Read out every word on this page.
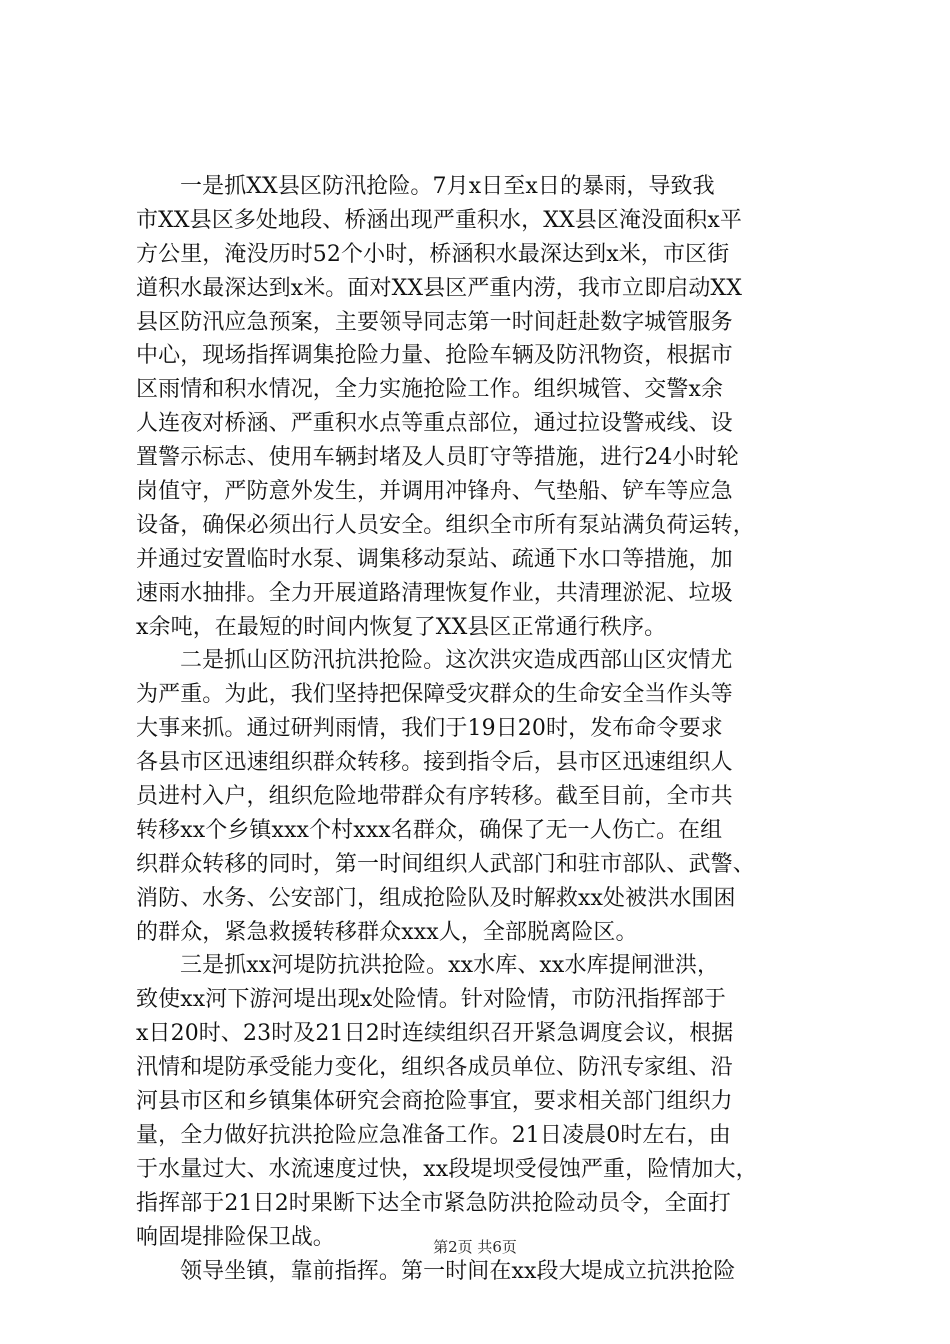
一是抓XX县区防汛抢险。7月x日至x日的暴雨，导致我
市XX县区多处地段、桥涵出现严重积水，XX县区淹没面积x平
方公里，淹没历时52个小时，桥涵积水最深达到x米，市区街
道积水最深达到x米。面对XX县区严重内涝，我市立即启动XX
县区防汛应急预案，主要领导同志第一时间赶赴数字城管服务
中心，现场指挥调集抢险力量、抢险车辆及防汛物资，根据市
区雨情和积水情况，全力实施抢险工作。组织城管、交警x余
人连夜对桥涵、严重积水点等重点部位，通过拉设警戒线、设
置警示标志、使用车辆封堵及人员盯守等措施，进行24小时轮
岗值守，严防意外发生，并调用冲锋舟、气垫船、铲车等应急
设备，确保必须出行人员安全。组织全市所有泵站满负荷运转，
并通过安置临时水泵、调集移动泵站、疏通下水口等措施，加
速雨水抽排。全力开展道路清理恢复作业，共清理淤泥、垃圾
x余吨，在最短的时间内恢复了XX县区正常通行秩序。
二是抓山区防汛抗洪抢险。这次洪灾造成西部山区灾情尤
为严重。为此，我们坚持把保障受灾群众的生命安全当作头等
大事来抓。通过研判雨情，我们于19日20时，发布命令要求
各县市区迅速组织群众转移。接到指令后，县市区迅速组织人
员进村入户，组织危险地带群众有序转移。截至目前，全市共
转移xx个乡镇xxx个村xxx名群众，确保了无一人伤亡。在组
织群众转移的同时，第一时间组织人武部门和驻市部队、武警、
消防、水务、公安部门，组成抢险队及时解救xx处被洪水围困
的群众，紧急救援转移群众xxx人，全部脱离险区。
三是抓xx河堤防抗洪抢险。xx水库、xx水库提闸泄洪，
致使xx河下游河堤出现x处险情。针对险情，市防汛指挥部于
x日20时、23时及21日2时连续组织召开紧急调度会议，根据
汛情和堤防承受能力变化，组织各成员单位、防汛专家组、沿
河县市区和乡镇集体研究会商抢险事宜，要求相关部门组织力
量，全力做好抗洪抢险应急准备工作。21日凌晨0时左右，由
于水量过大、水流速度过快，xx段堤坝受侵蚀严重，险情加大，
指挥部于21日2时果断下达全市紧急防洪抢险动员令，全面打
响固堤排险保卫战。
领导坐镇，靠前指挥。第一时间在xx段大堤成立抗洪抢险
第2页 共6页
